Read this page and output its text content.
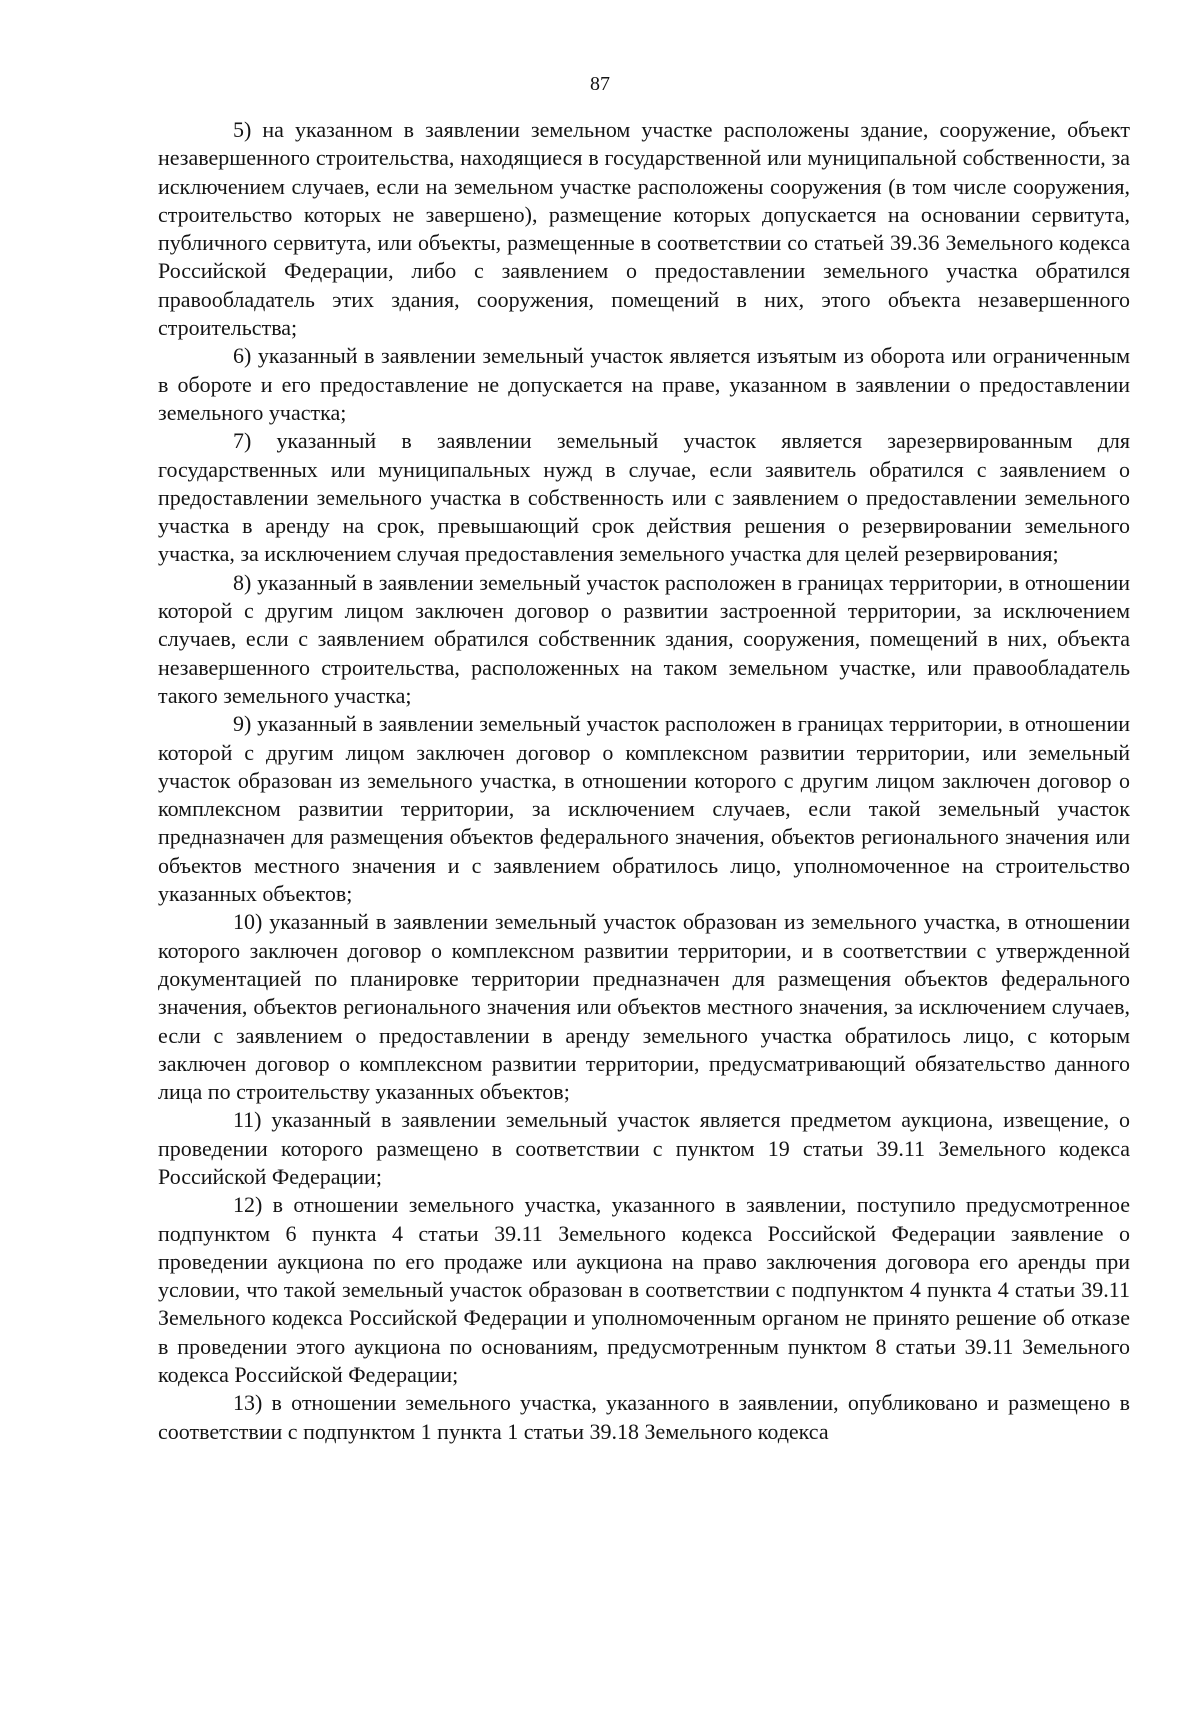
87

5) на указанном в заявлении земельном участке расположены здание, сооружение, объект незавершенного строительства, находящиеся в государственной или муниципальной собственности, за исключением случаев, если на земельном участке расположены сооружения (в том числе сооружения, строительство которых не завершено), размещение которых допускается на основании сервитута, публичного сервитута, или объекты, размещенные в соответствии со статьей 39.36 Земельного кодекса Российской Федерации, либо с заявлением о предоставлении земельного участка обратился правообладатель этих здания, сооружения, помещений в них, этого объекта незавершенного строительства;

6) указанный в заявлении земельный участок является изъятым из оборота или ограниченным в обороте и его предоставление не допускается на праве, указанном в заявлении о предоставлении земельного участка;

7) указанный в заявлении земельный участок является зарезервированным для государственных или муниципальных нужд в случае, если заявитель обратился с заявлением о предоставлении земельного участка в собственность или с заявлением о предоставлении земельного участка в аренду на срок, превышающий срок действия решения о резервировании земельного участка, за исключением случая предоставления земельного участка для целей резервирования;

8) указанный в заявлении земельный участок расположен в границах территории, в отношении которой с другим лицом заключен договор о развитии застроенной территории, за исключением случаев, если с заявлением обратился собственник здания, сооружения, помещений в них, объекта незавершенного строительства, расположенных на таком земельном участке, или правообладатель такого земельного участка;

9) указанный в заявлении земельный участок расположен в границах территории, в отношении которой с другим лицом заключен договор о комплексном развитии территории, или земельный участок образован из земельного участка, в отношении которого с другим лицом заключен договор о комплексном развитии территории, за исключением случаев, если такой земельный участок предназначен для размещения объектов федерального значения, объектов регионального значения или объектов местного значения и с заявлением обратилось лицо, уполномоченное на строительство указанных объектов;

10) указанный в заявлении земельный участок образован из земельного участка, в отношении которого заключен договор о комплексном развитии территории, и в соответствии с утвержденной документацией по планировке территории предназначен для размещения объектов федерального значения, объектов регионального значения или объектов местного значения, за исключением случаев, если с заявлением о предоставлении в аренду земельного участка обратилось лицо, с которым заключен договор о комплексном развитии территории, предусматривающий обязательство данного лица по строительству указанных объектов;

11) указанный в заявлении земельный участок является предметом аукциона, извещение, о проведении которого размещено в соответствии с пунктом 19 статьи 39.11 Земельного кодекса Российской Федерации;

12) в отношении земельного участка, указанного в заявлении, поступило предусмотренное подпунктом 6 пункта 4 статьи 39.11 Земельного кодекса Российской Федерации заявление о проведении аукциона по его продаже или аукциона на право заключения договора его аренды при условии, что такой земельный участок образован в соответствии с подпунктом 4 пункта 4 статьи 39.11 Земельного кодекса Российской Федерации и уполномоченным органом не принято решение об отказе в проведении этого аукциона по основаниям, предусмотренным пунктом 8 статьи 39.11 Земельного кодекса Российской Федерации;

13) в отношении земельного участка, указанного в заявлении, опубликовано и размещено в соответствии с подпунктом 1 пункта 1 статьи 39.18 Земельного кодекса
